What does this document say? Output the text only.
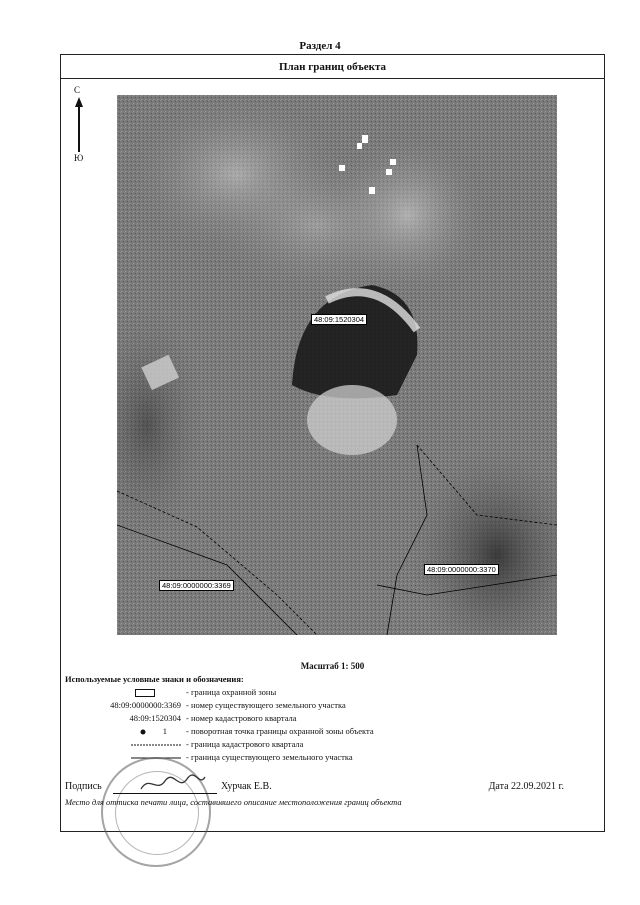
Раздел 4
План границ объекта
С
Ю
48:09:1520304
48:09:0000000:3369
48:09:0000000:3370
Масштаб 1: 500
Используемые условные знаки и обозначения:
- граница охранной зоны
48:09:0000000:3369 - номер существующего земельного участка
48:09:1520304 - номер кадастрового квартала
1 - поворотная точка границы охранной зоны объекта
- граница кадастрового квартала
- граница существующего земельного участка
Подпись	Хурчак Е.В.	Дата 22.09.2021 г.
Место для оттиска печати лица, составившего описание местоположения границ объекта
